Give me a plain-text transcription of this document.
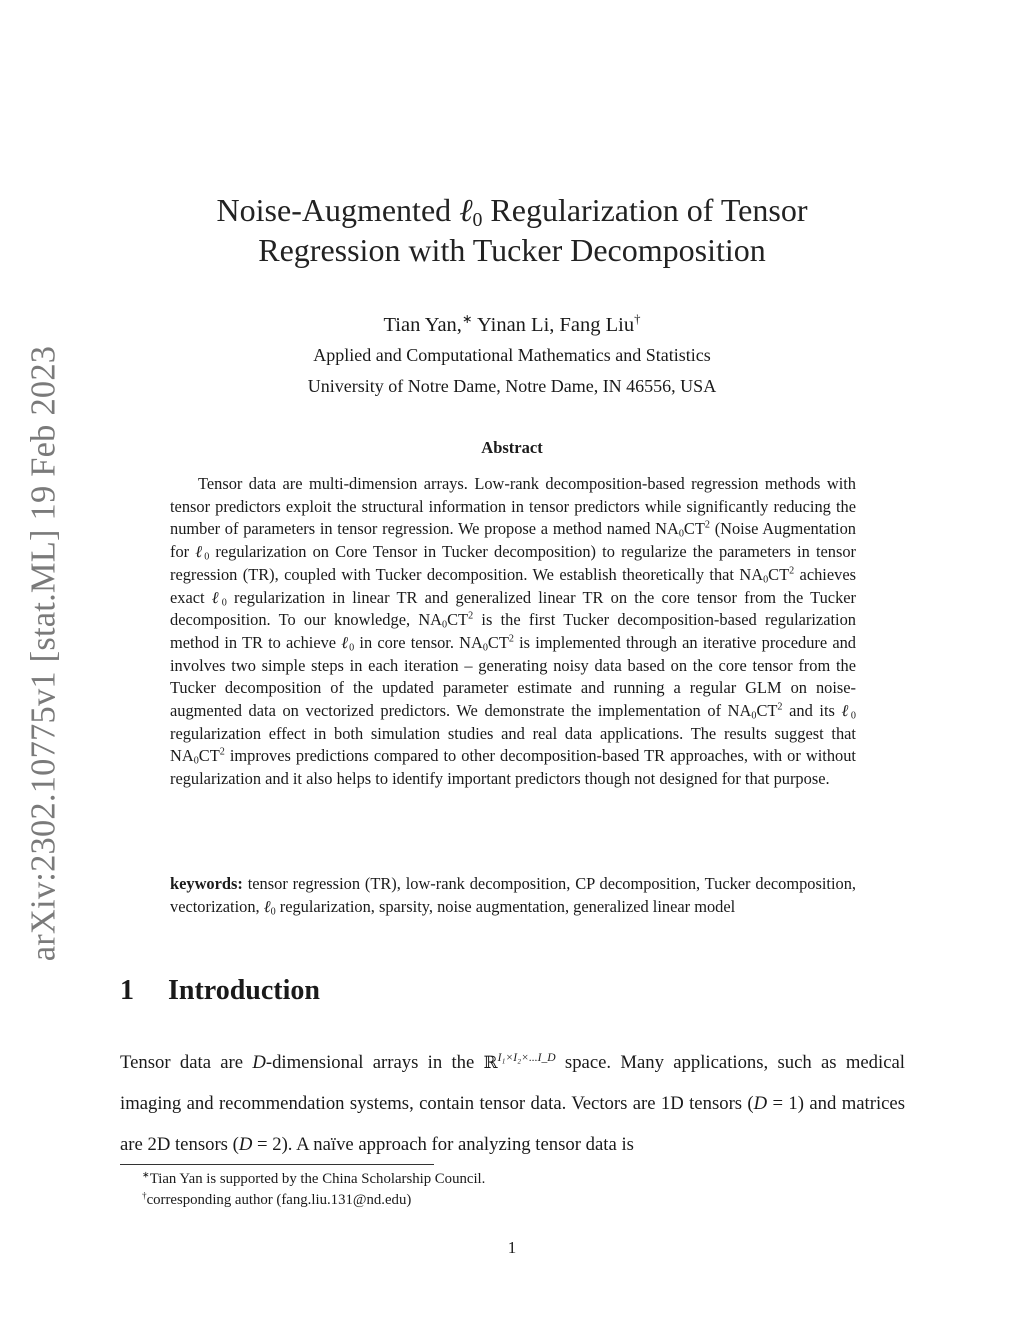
arXiv:2302.10775v1 [stat.ML] 19 Feb 2023
Noise-Augmented ℓ$_0$ Regularization of Tensor
Regression with Tucker Decomposition
Tian Yan,∗ Yinan Li, Fang Liu†
Applied and Computational Mathematics and Statistics
University of Notre Dame, Notre Dame, IN 46556, USA
Abstract

Tensor data are multi-dimension arrays. Low-rank decomposition-based regression methods with tensor predictors exploit the structural information in tensor predictors while significantly reducing the number of parameters in tensor regression. We propose a method named $NA_0CT^2$ (Noise Augmentation for ℓ$_0$ regularization on Core Tensor in Tucker decomposition) to regularize the parameters in tensor regression (TR), coupled with Tucker decomposition. We establish theoretically that $NA_0CT^2$ achieves exact ℓ$_0$ regularization in linear TR and generalized linear TR on the core tensor from the Tucker decomposition. To our knowledge, $NA_0CT^2$ is the first Tucker decomposition-based regularization method in TR to achieve ℓ$_0$ in core tensor. $NA_0CT^2$ is implemented through an iterative procedure and involves two simple steps in each iteration – generating noisy data based on the core tensor from the Tucker decomposition of the updated parameter estimate and running a regular GLM on noise-augmented data on vectorized predictors. We demonstrate the implementation of $NA_0CT^2$ and its ℓ$_0$ regularization effect in both simulation studies and real data applications. The results suggest that $NA_0CT^2$ improves predictions compared to other decomposition-based TR approaches, with or without regularization and it also helps to identify important predictors though not designed for that purpose.

keywords: tensor regression (TR), low-rank decomposition, CP decomposition, Tucker decomposition, vectorization, ℓ$_0$ regularization, sparsity, noise augmentation, generalized linear model

1 Introduction

Tensor data are D-dimensional arrays in the ℝ$^{I_1\times I_2\times...I\_D}$ space. Many applications, such as medical imaging and recommendation systems, contain tensor data. Vectors are 1D tensors (D = 1) and matrices are 2D tensors (D = 2). A naïve approach for analyzing tensor data is

∗Tian Yan is supported by the China Scholarship Council.
†corresponding author (fang.liu.131@nd.edu)
1
